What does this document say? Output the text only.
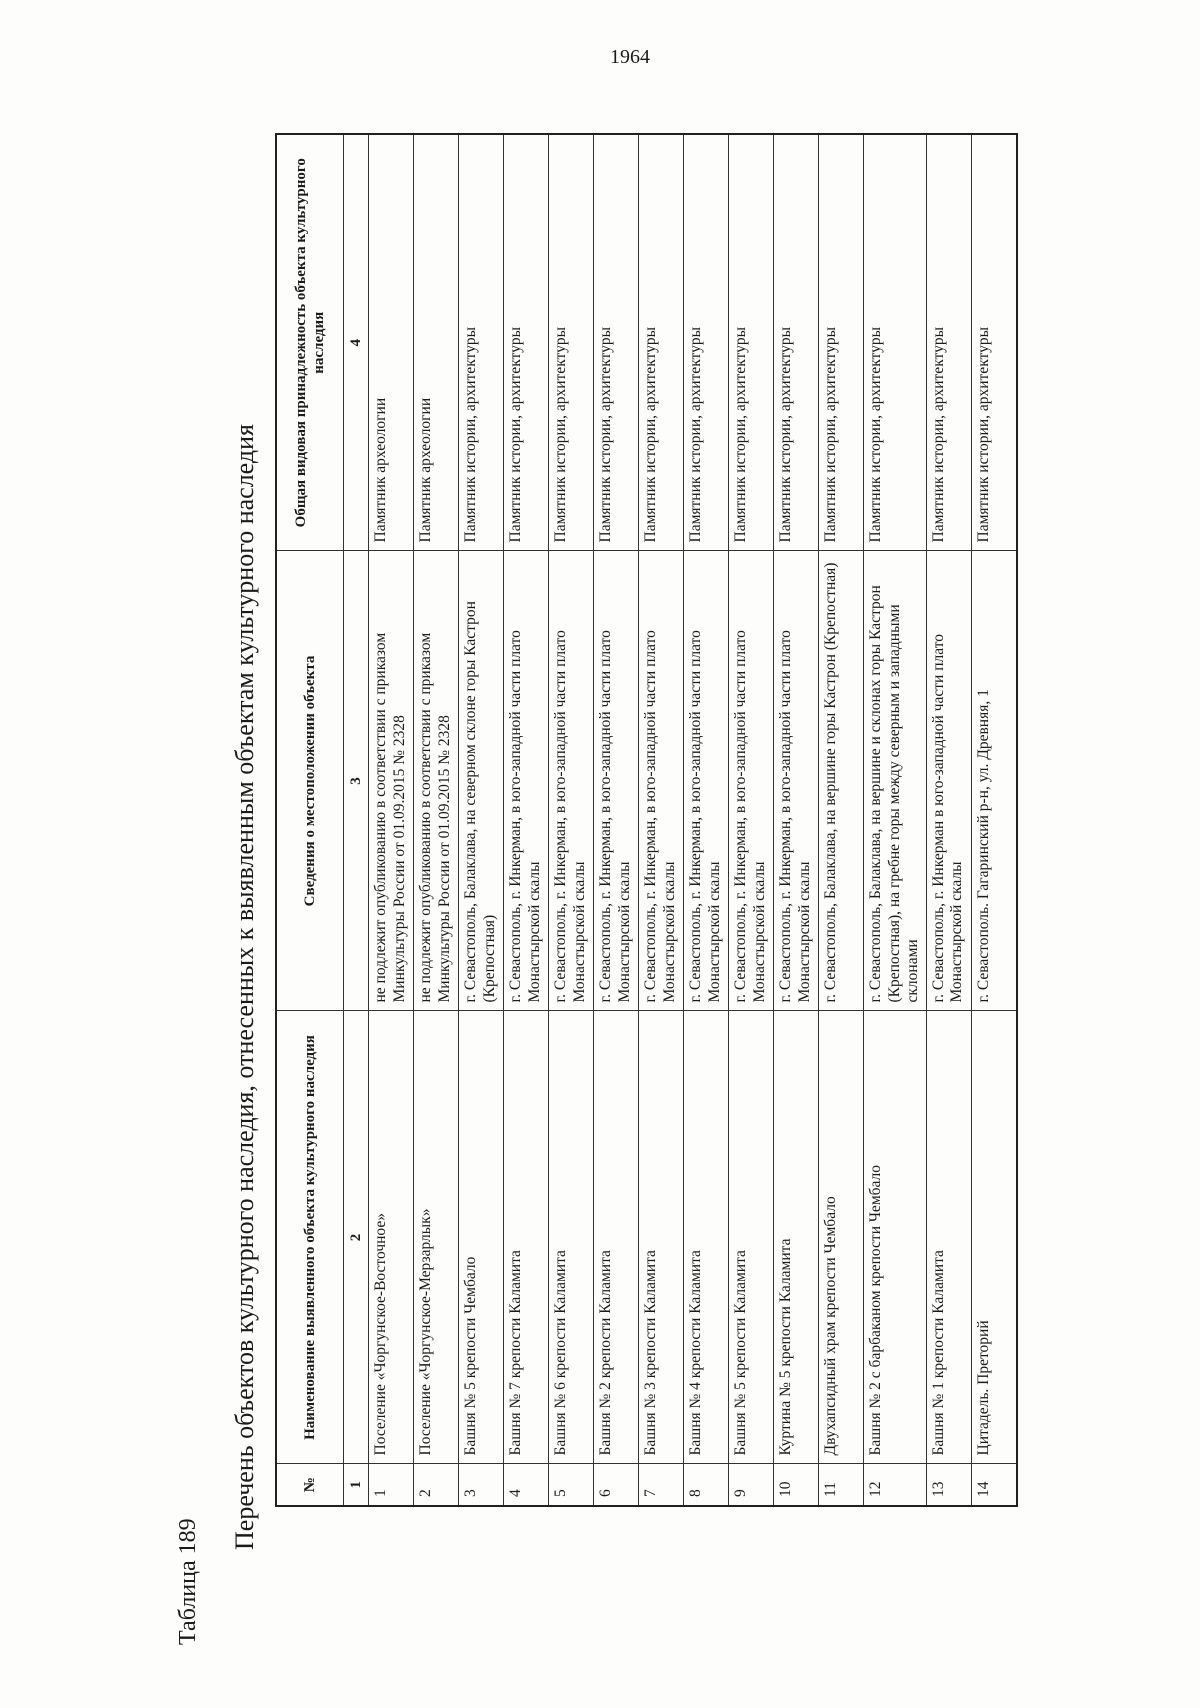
1964
Таблица 189
Перечень объектов культурного наследия, отнесенных к выявленным объектам культурного наследия	№	Наименование выявленного объекта культурного наследия	Сведения о местоположении объекта	Общая видовая принадлежность объекта культурного наследия
1	2	3	4
1	Поселение «Чоргунское-Восточное»	не подлежит опубликованию в соответствии с приказом Минкультуры России от 01.09.2015 № 2328	Памятник археологии
2	Поселение «Чоргунское-Мерзарлык»	не подлежит опубликованию в соответствии с приказом Минкультуры России от 01.09.2015 № 2328	Памятник археологии
3	Башня № 5 крепости Чембало	г. Севастополь, Балаклава, на северном склоне горы Кастрон (Крепостная)	Памятник истории, архитектуры
4	Башня № 7 крепости Каламита	г. Севастополь, г. Инкерман, в юго-западной части плато Монастырской скалы	Памятник истории, архитектуры
5	Башня № 6 крепости Каламита	г. Севастополь, г. Инкерман, в юго-западной части плато Монастырской скалы	Памятник истории, архитектуры
6	Башня № 2 крепости Каламита	г. Севастополь, г. Инкерман, в юго-западной части плато Монастырской скалы	Памятник истории, архитектуры
7	Башня № 3 крепости Каламита	г. Севастополь, г. Инкерман, в юго-западной части плато Монастырской скалы	Памятник истории, архитектуры
8	Башня № 4 крепости Каламита	г. Севастополь, г. Инкерман, в юго-западной части плато Монастырской скалы	Памятник истории, архитектуры
9	Башня № 5 крепости Каламита	г. Севастополь, г. Инкерман, в юго-западной части плато Монастырской скалы	Памятник истории, архитектуры
10	Куртина № 5 крепости Каламита	г. Севастополь, г. Инкерман, в юго-западной части плато Монастырской скалы	Памятник истории, архитектуры
11	Двухапсидный храм крепости Чембало	г. Севастополь, Балаклава, на вершине горы Кастрон (Крепостная)	Памятник истории, архитектуры
12	Башня № 2 с барбаканом крепости Чембало	г. Севастополь, Балаклава, на вершине и склонах горы Кастрон (Крепостная), на гребне горы между северным и западными склонами	Памятник истории, архитектуры
13	Башня № 1 крепости Каламита	г. Севастополь, г. Инкерман в юго-западной части плато Монастырской скалы	Памятник истории, архитектуры
14	Цитадель. Преторий	г. Севастополь. Гагаринский р-н, ул. Древняя, 1	Памятник истории, архитектуры
